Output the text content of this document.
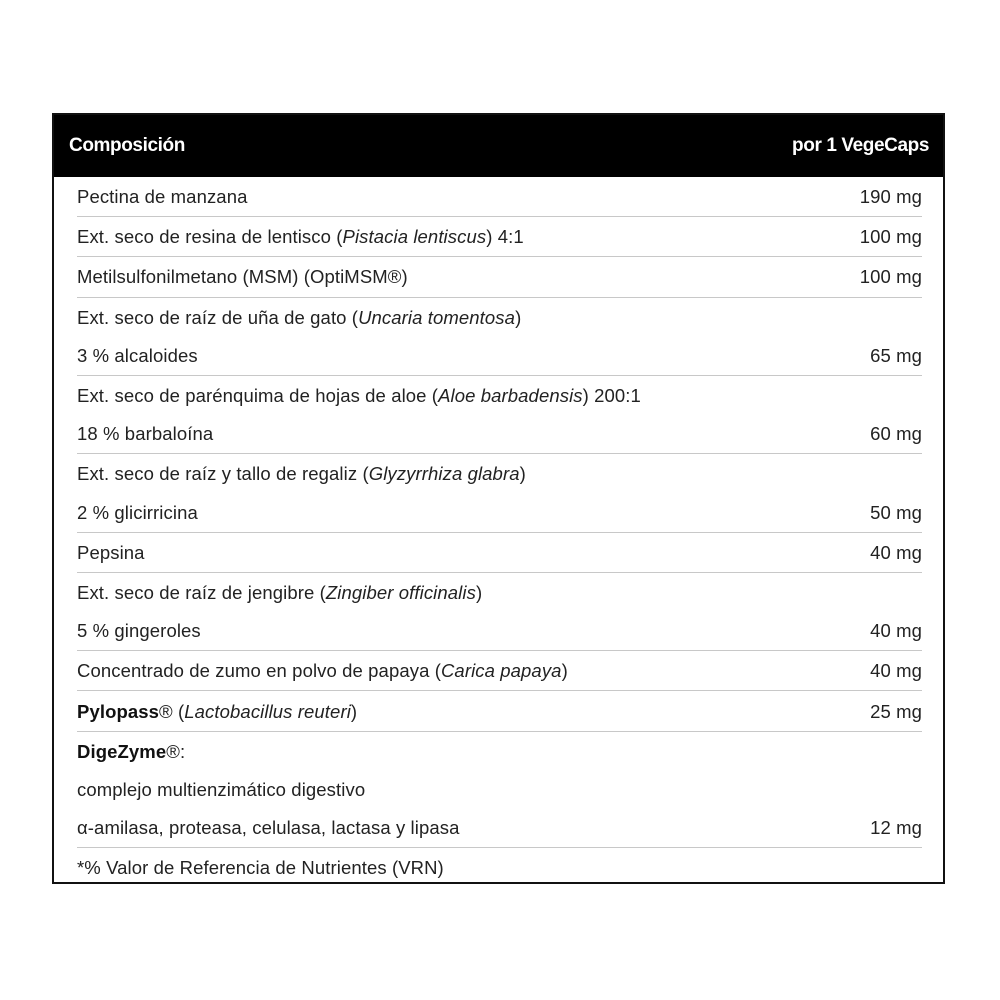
Composición	por 1 VegeCaps
Pectina de manzana	190 mg
Ext. seco de resina de lentisco (Pistacia lentiscus) 4:1	100 mg
Metilsulfonilmetano (MSM) (OptiMSM®)	100 mg
Ext. seco de raíz de uña de gato (Uncaria tomentosa)
3 % alcaloides	65 mg
Ext. seco de parénquima de hojas de aloe (Aloe barbadensis) 200:1
18 % barbaloína	60 mg
Ext. seco de raíz y tallo de regaliz (Glyzyrrhiza glabra)
2 % glicirricina	50 mg
Pepsina	40 mg
Ext. seco de raíz de jengibre (Zingiber officinalis)
5 % gingeroles	40 mg
Concentrado de zumo en polvo de papaya (Carica papaya)	40 mg
Pylopass® (Lactobacillus reuteri)	25 mg
DigeZyme®:
complejo multienzimático digestivo
α-amilasa, proteasa, celulasa, lactasa y lipasa	12 mg
*% Valor de Referencia de Nutrientes (VRN)
